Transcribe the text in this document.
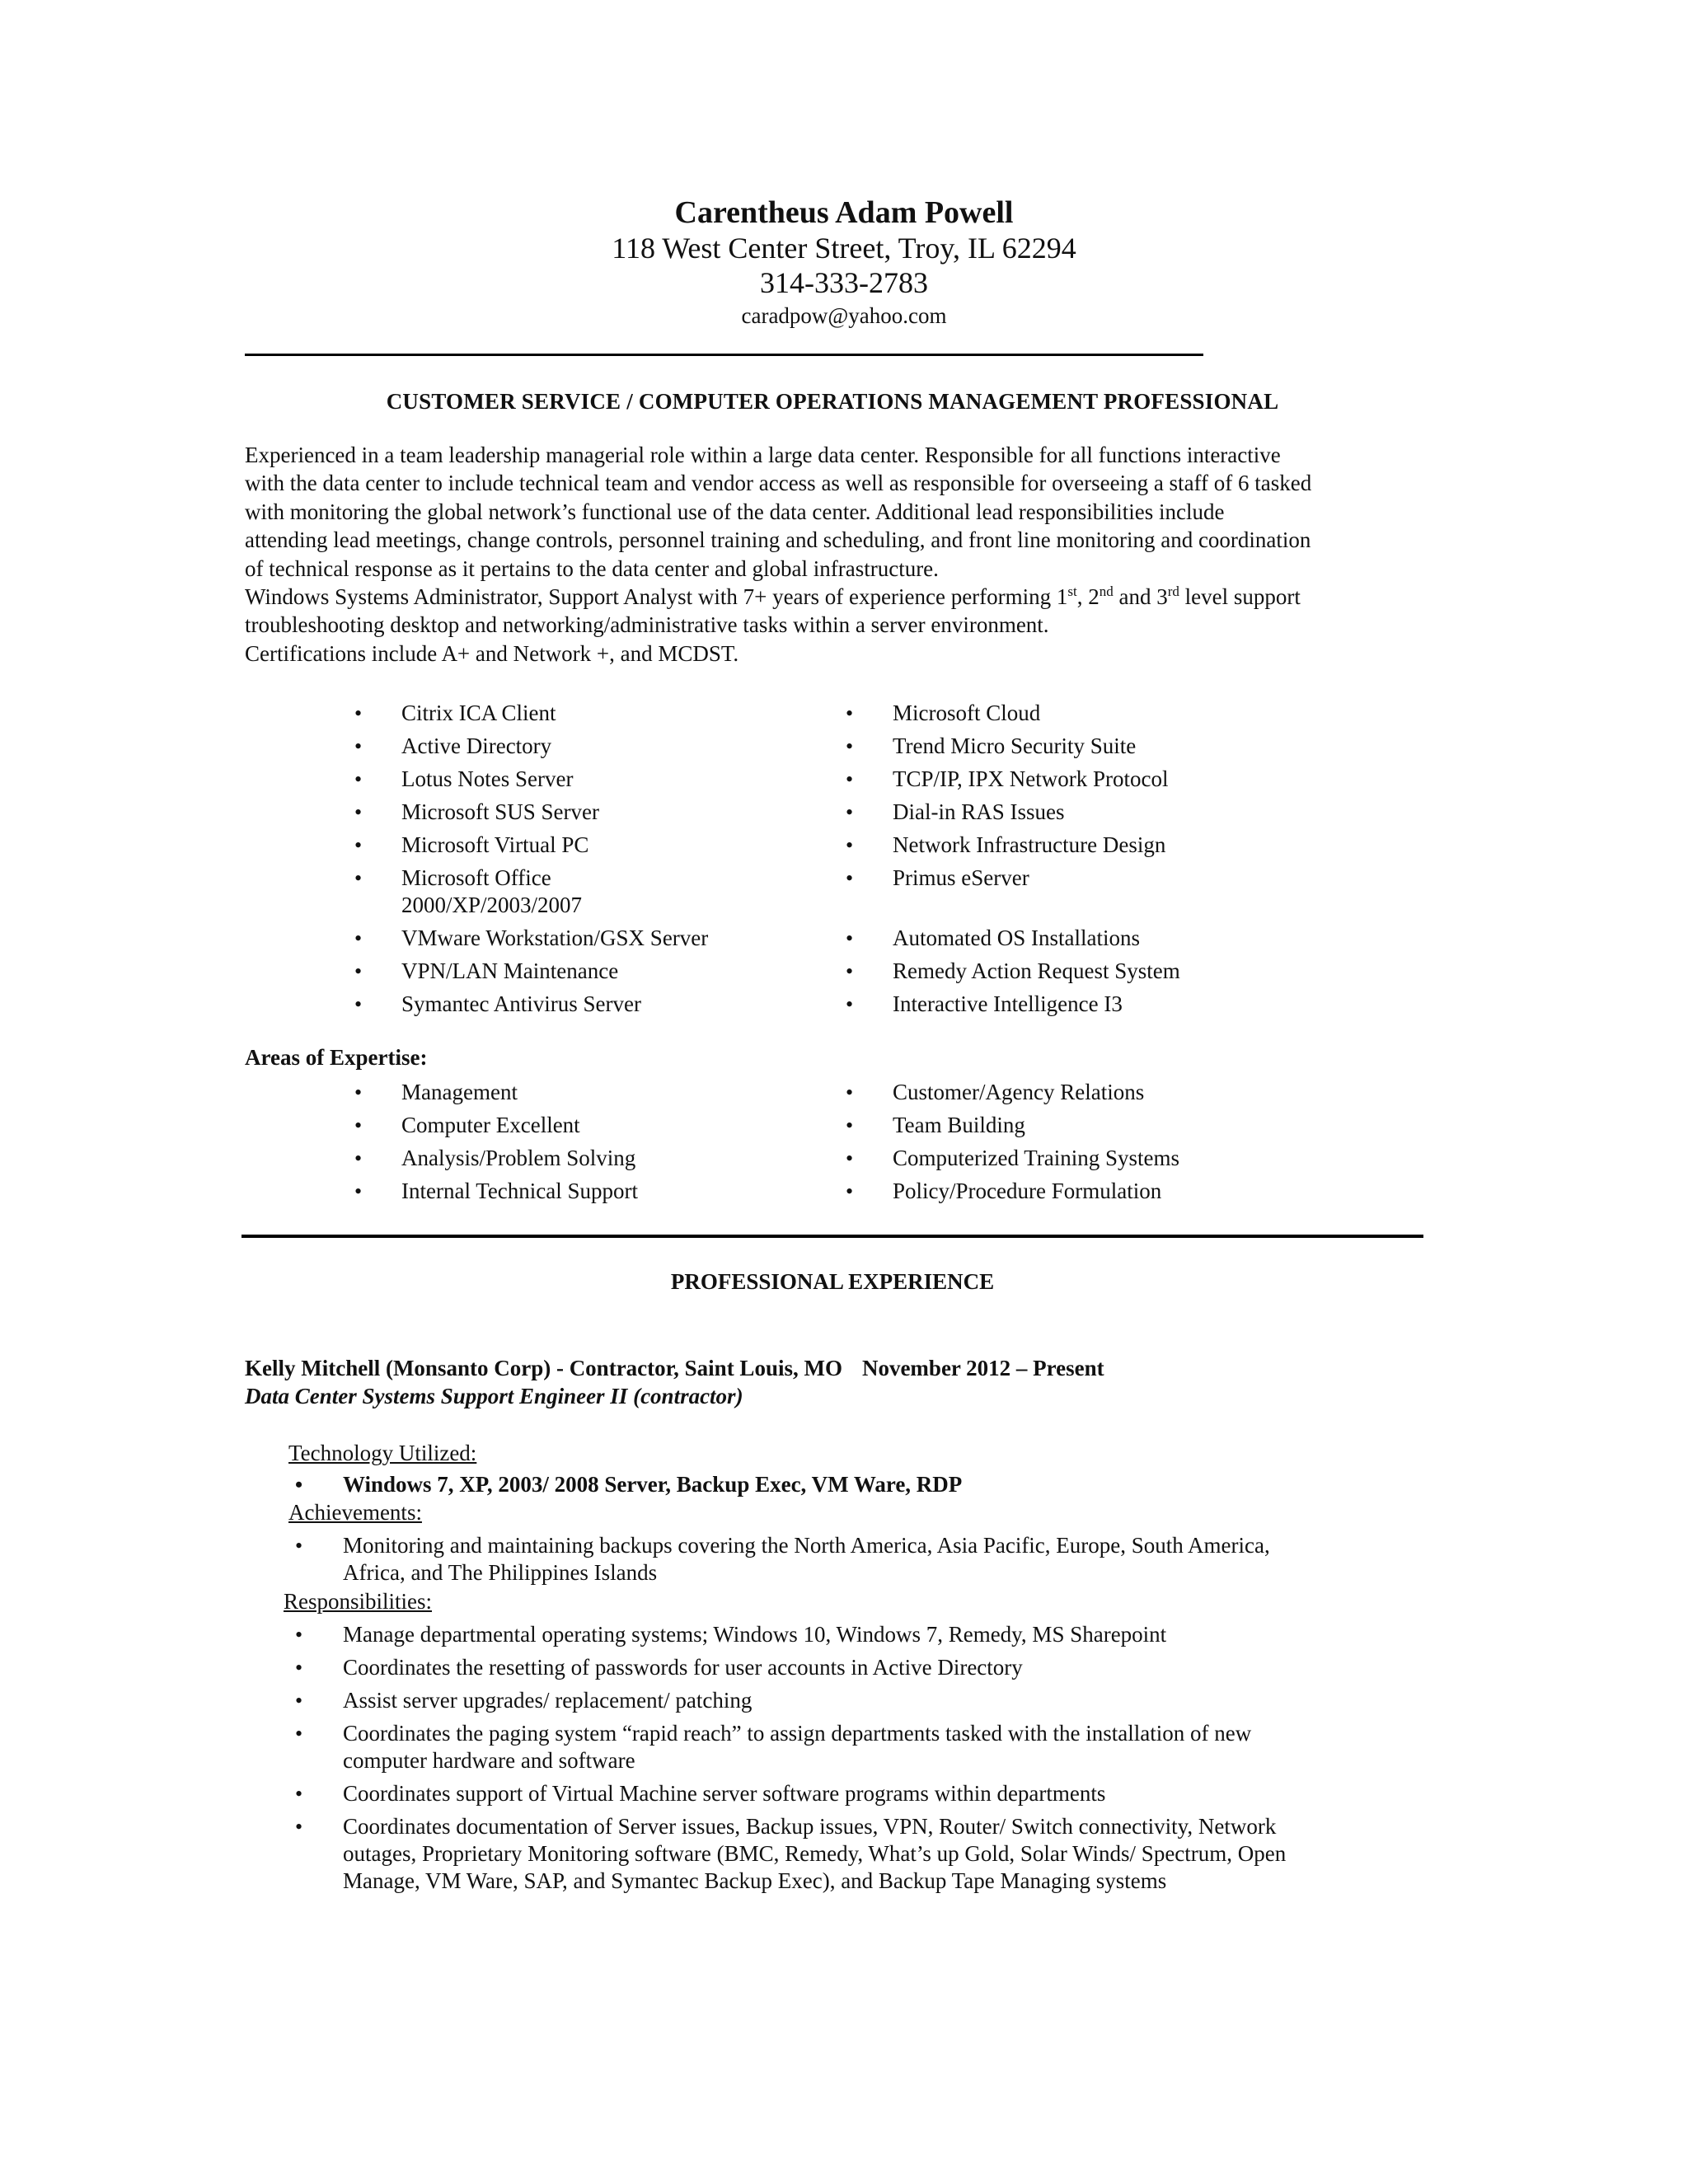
Carentheus Adam Powell
118 West Center Street, Troy, IL 62294
314-333-2783
caradpow@yahoo.com
CUSTOMER SERVICE / COMPUTER OPERATIONS MANAGEMENT PROFESSIONAL

Experienced in a team leadership managerial role within a large data center. Responsible for all functions interactive

with the data center to include technical team and vendor access as well as responsible for overseeing a staff of 6 tasked

with monitoring the global network’s functional use of the data center. Additional lead responsibilities include

attending lead meetings, change controls, personnel training and scheduling, and front line monitoring and coordination

of technical response as it pertains to the data center and global infrastructure.

Windows Systems Administrator, Support Analyst with 7+ years of experience performing 1st, 2nd and 3rd level support

troubleshooting desktop and networking/administrative tasks within a server environment.

Certifications include A+ and Network +, and MCDST.

• Citrix ICA Client
• Active Directory
• Lotus Notes Server
• Microsoft SUS Server
• Microsoft Virtual PC
• Microsoft Office
2000/XP/2003/2007
• VMware Workstation/GSX Server
• VPN/LAN Maintenance
• Symantec Antivirus Server
• Microsoft Cloud
• Trend Micro Security Suite
• TCP/IP, IPX Network Protocol
• Dial-in RAS Issues
• Network Infrastructure Design
• Primus eServer
• Automated OS Installations
• Remedy Action Request System
• Interactive Intelligence I3
Areas of Expertise:
• Management
• Computer Excellent
• Analysis/Problem Solving
• Internal Technical Support
• Customer/Agency Relations
• Team Building
• Computerized Training Systems
• Policy/Procedure Formulation
PROFESSIONAL EXPERIENCE
Kelly Mitchell (Monsanto Corp) - Contractor, Saint Louis, MO November 2012 – Present
Data Center Systems Support Engineer II (contractor)
Technology Utilized:
• Windows 7, XP, 2003/ 2008 Server, Backup Exec, VM Ware, RDP
Achievements:
• Monitoring and maintaining backups covering the North America, Asia Pacific, Europe, South America,
Africa, and The Philippines Islands
Responsibilities:
• Manage departmental operating systems; Windows 10, Windows 7, Remedy, MS Sharepoint
• Coordinates the resetting of passwords for user accounts in Active Directory
• Assist server upgrades/ replacement/ patching
• Coordinates the paging system “rapid reach” to assign departments tasked with the installation of new
computer hardware and software
• Coordinates support of Virtual Machine server software programs within departments
• Coordinates documentation of Server issues, Backup issues, VPN, Router/ Switch connectivity, Network
outages, Proprietary Monitoring software (BMC, Remedy, What’s up Gold, Solar Winds/ Spectrum, Open
Manage, VM Ware, SAP, and Symantec Backup Exec), and Backup Tape Managing systems
